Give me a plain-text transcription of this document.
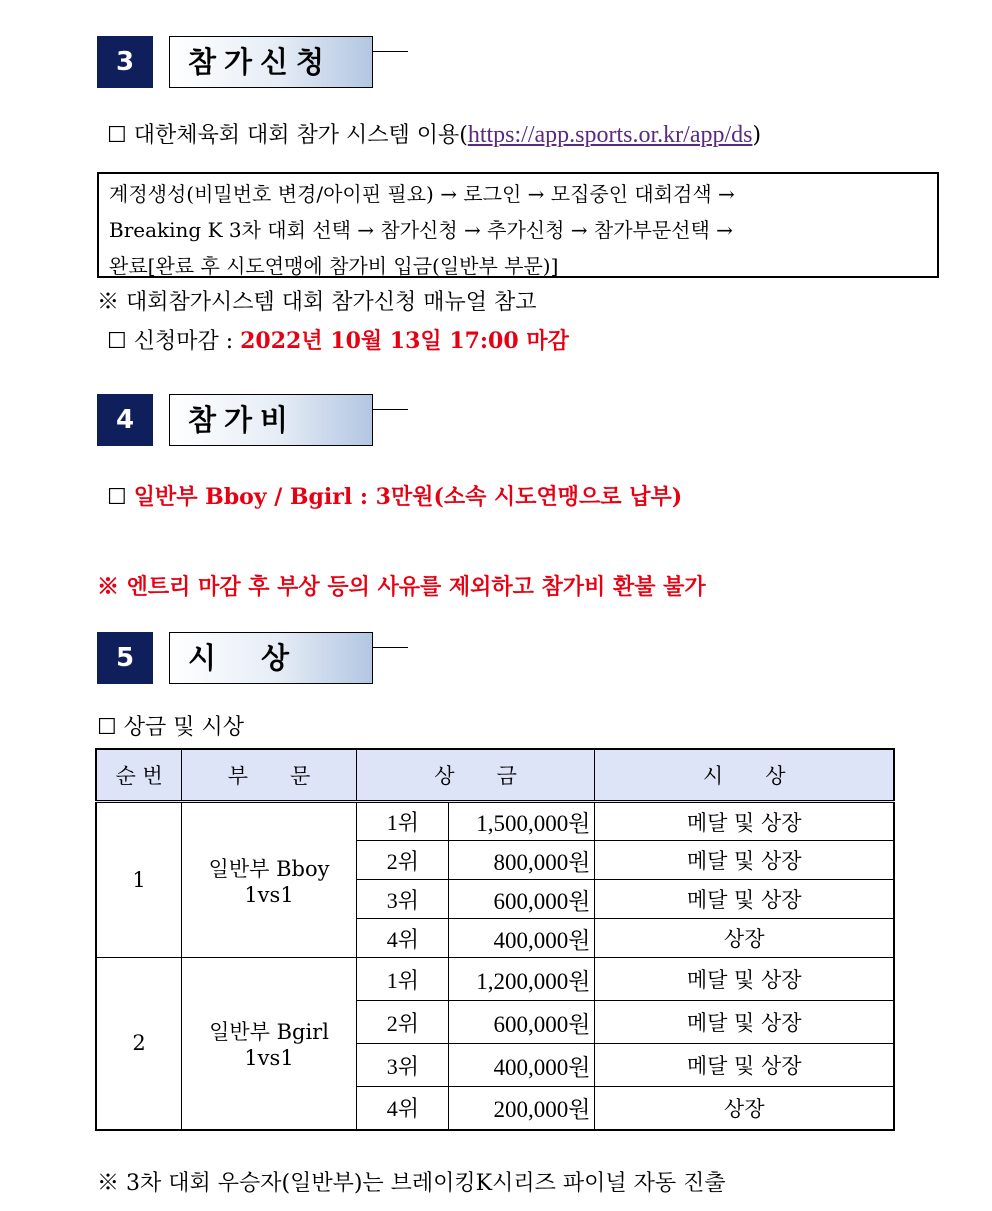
3	참가신청
☐ 대한체육회 대회 참가 시스템 이용(https://app.sports.or.kr/app/ds)
계정생성(비밀번호 변경/아이핀 필요) → 로그인 → 모집중인 대회검색 →
Breaking K 3차 대회 선택 → 참가신청 → 추가신청 → 참가부문선택 →
완료[완료 후 시도연맹에 참가비 입금(일반부 부문)]
※ 대회참가시스템 대회 참가신청 매뉴얼 참고
☐ 신청마감 : 2022년 10월 13일 17:00 마감
4	참가비
☐ 일반부 Bboy / Bgirl : 3만원(소속 시도연맹으로 납부)
※ 엔트리 마감 후 부상 등의 사유를 제외하고 참가비 환불 불가
5	시　상
☐ 상금 및 시상
순 번	부　　문	상　　금		시　　상
1	일반부 Bboy 1vs1	1위	1,500,000원	메달 및 상장
		2위	800,000원	메달 및 상장
		3위	600,000원	메달 및 상장
		4위	400,000원	상장
2	일반부 Bgirl 1vs1	1위	1,200,000원	메달 및 상장
		2위	600,000원	메달 및 상장
		3위	400,000원	메달 및 상장
		4위	200,000원	상장
※ 3차 대회 우승자(일반부)는 브레이킹K시리즈 파이널 자동 진출
